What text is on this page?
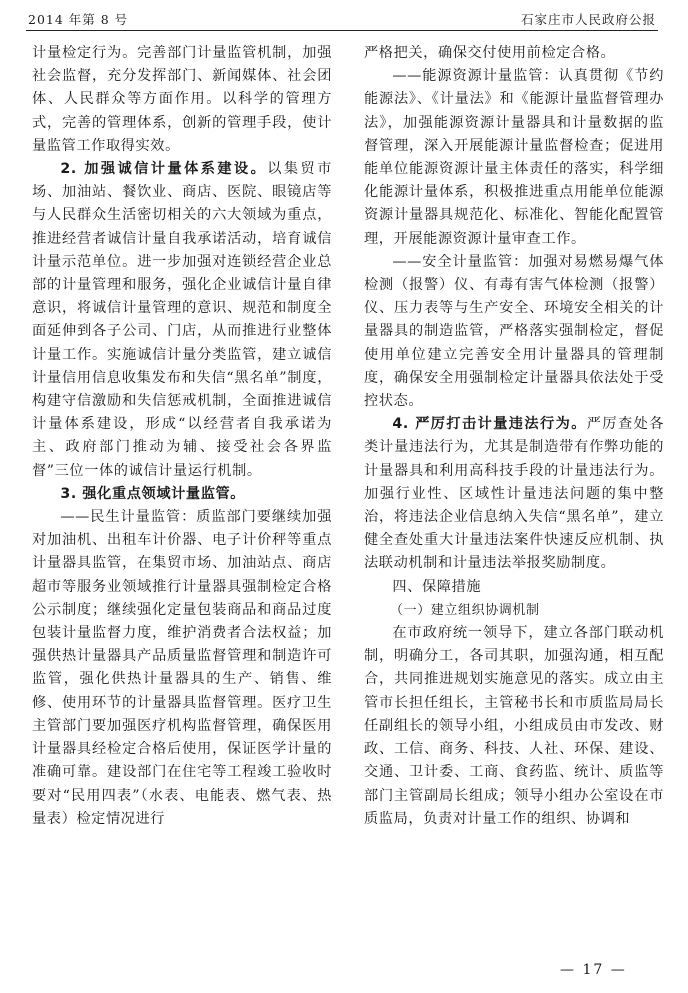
2014 年第 8 号	石家庄市人民政府公报

计量检定行为。完善部门计量监管机制，加强社会监督，充分发挥部门、新闻媒体、社会团体、人民群众等方面作用。以科学的管理方式，完善的管理体系，创新的管理手段，使计量监管工作取得实效。

2. 加强诚信计量体系建设。以集贸市场、加油站、餐饮业、商店、医院、眼镜店等与人民群众生活密切相关的六大领域为重点，推进经营者诚信计量自我承诺活动，培育诚信计量示范单位。进一步加强对连锁经营企业总部的计量管理和服务，强化企业诚信计量自律意识，将诚信计量管理的意识、规范和制度全面延伸到各子公司、门店，从而推进行业整体计量工作。实施诚信计量分类监管，建立诚信计量信用信息收集发布和失信“黑名单”制度，构建守信激励和失信惩戒机制，全面推进诚信计量体系建设，形成“以经营者自我承诺为主、政府部门推动为辅、接受社会各界监督”三位一体的诚信计量运行机制。

3. 强化重点领域计量监管。

——民生计量监管：质监部门要继续加强对加油机、出租车计价器、电子计价秤等重点计量器具监管，在集贸市场、加油站点、商店超市等服务业领域推行计量器具强制检定合格公示制度；继续强化定量包装商品和商品过度包装计量监督力度，维护消费者合法权益；加强供热计量器具产品质量监督管理和制造许可监管，强化供热计量器具的生产、销售、维修、使用环节的计量器具监督管理。医疗卫生主管部门要加强医疗机构监督管理，确保医用计量器具经检定合格后使用，保证医学计量的准确可靠。建设部门在住宅等工程竣工验收时要对“民用四表”（水表、电能表、燃气表、热量表）检定情况进行

严格把关，确保交付使用前检定合格。

——能源资源计量监管：认真贯彻《节约能源法》、《计量法》和《能源计量监督管理办法》，加强能源资源计量器具和计量数据的监督管理，深入开展能源计量监督检查；促进用能单位能源资源计量主体责任的落实，科学细化能源计量体系，积极推进重点用能单位能源资源计量器具规范化、标准化、智能化配置管理，开展能源资源计量审查工作。

——安全计量监管：加强对易燃易爆气体检测（报警）仪、有毒有害气体检测（报警）仪、压力表等与生产安全、环境安全相关的计量器具的制造监管，严格落实强制检定，督促使用单位建立完善安全用计量器具的管理制度，确保安全用强制检定计量器具依法处于受控状态。

4. 严厉打击计量违法行为。严厉查处各类计量违法行为，尤其是制造带有作弊功能的计量器具和利用高科技手段的计量违法行为。加强行业性、区域性计量违法问题的集中整治，将违法企业信息纳入失信“黑名单”，建立健全查处重大计量违法案件快速反应机制、执法联动机制和计量违法举报奖励制度。

四、保障措施

（一）建立组织协调机制

在市政府统一领导下，建立各部门联动机制，明确分工，各司其职，加强沟通，相互配合，共同推进规划实施意见的落实。成立由主管市长担任组长，主管秘书长和市质监局局长任副组长的领导小组，小组成员由市发改、财政、工信、商务、科技、人社、环保、建设、交通、卫计委、工商、食药监、统计、质监等部门主管副局长组成；领导小组办公室设在市质监局，负责对计量工作的组织、协调和

— 17 —
